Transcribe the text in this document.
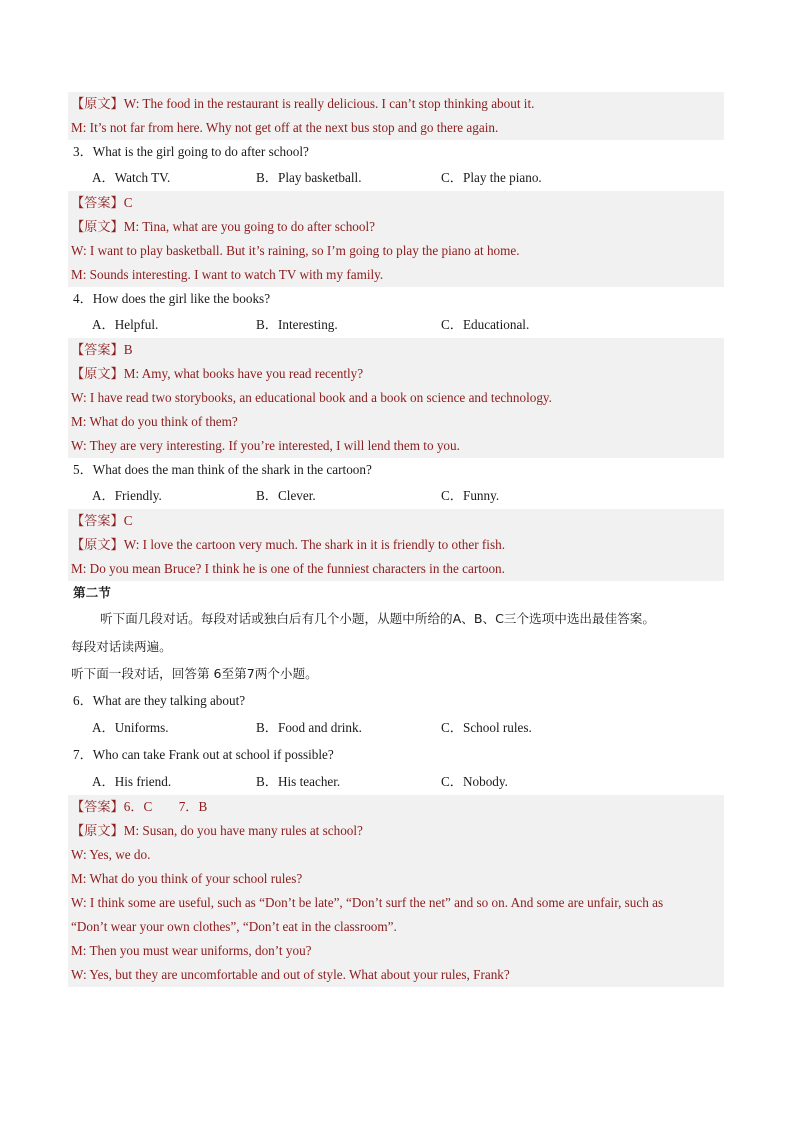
【原文】W: The food in the restaurant is really delicious. I can’t stop thinking about it.
M: It’s not far from here. Why not get off at the next bus stop and go there again.
3．What is the girl going to do after school?
A．Watch TV.	B．Play basketball.	C．Play the piano.
【答案】C
【原文】M: Tina, what are you going to do after school?
W: I want to play basketball. But it’s raining, so I’m going to play the piano at home.
M: Sounds interesting. I want to watch TV with my family.
4．How does the girl like the books?
A．Helpful.	B．Interesting.	C．Educational.
【答案】B
【原文】M: Amy, what books have you read recently?
W: I have read two storybooks, an educational book and a book on science and technology.
M: What do you think of them?
W: They are very interesting. If you’re interested, I will lend them to you.
5．What does the man think of the shark in the cartoon?
A．Friendly.	B．Clever.	C．Funny.
【答案】C
【原文】W: I love the cartoon very much. The shark in it is friendly to other fish.
M: Do you mean Bruce? I think he is one of the funniest characters in the cartoon.
第二节
听下面几段对话。每段对话或独白后有几个小题，从题中所给的A、B、C三个选项中选出最佳答案。
每段对话读两遍。
听下面一段对话，回答第 6至第7两个小题。
6．What are they talking about?
A．Uniforms.	B．Food and drink.	C．School rules.
7．Who can take Frank out at school if possible?
A．His friend.	B．His teacher.	C．Nobody.
【答案】6．C　　7．B
【原文】M: Susan, do you have many rules at school?
W: Yes, we do.
M: What do you think of your school rules?
W: I think some are useful, such as “Don’t be late”, “Don’t surf the net” and so on. And some are unfair, such as
“Don’t wear your own clothes”, “Don’t eat in the classroom”.
M: Then you must wear uniforms, don’t you?
W: Yes, but they are uncomfortable and out of style. What about your rules, Frank?
